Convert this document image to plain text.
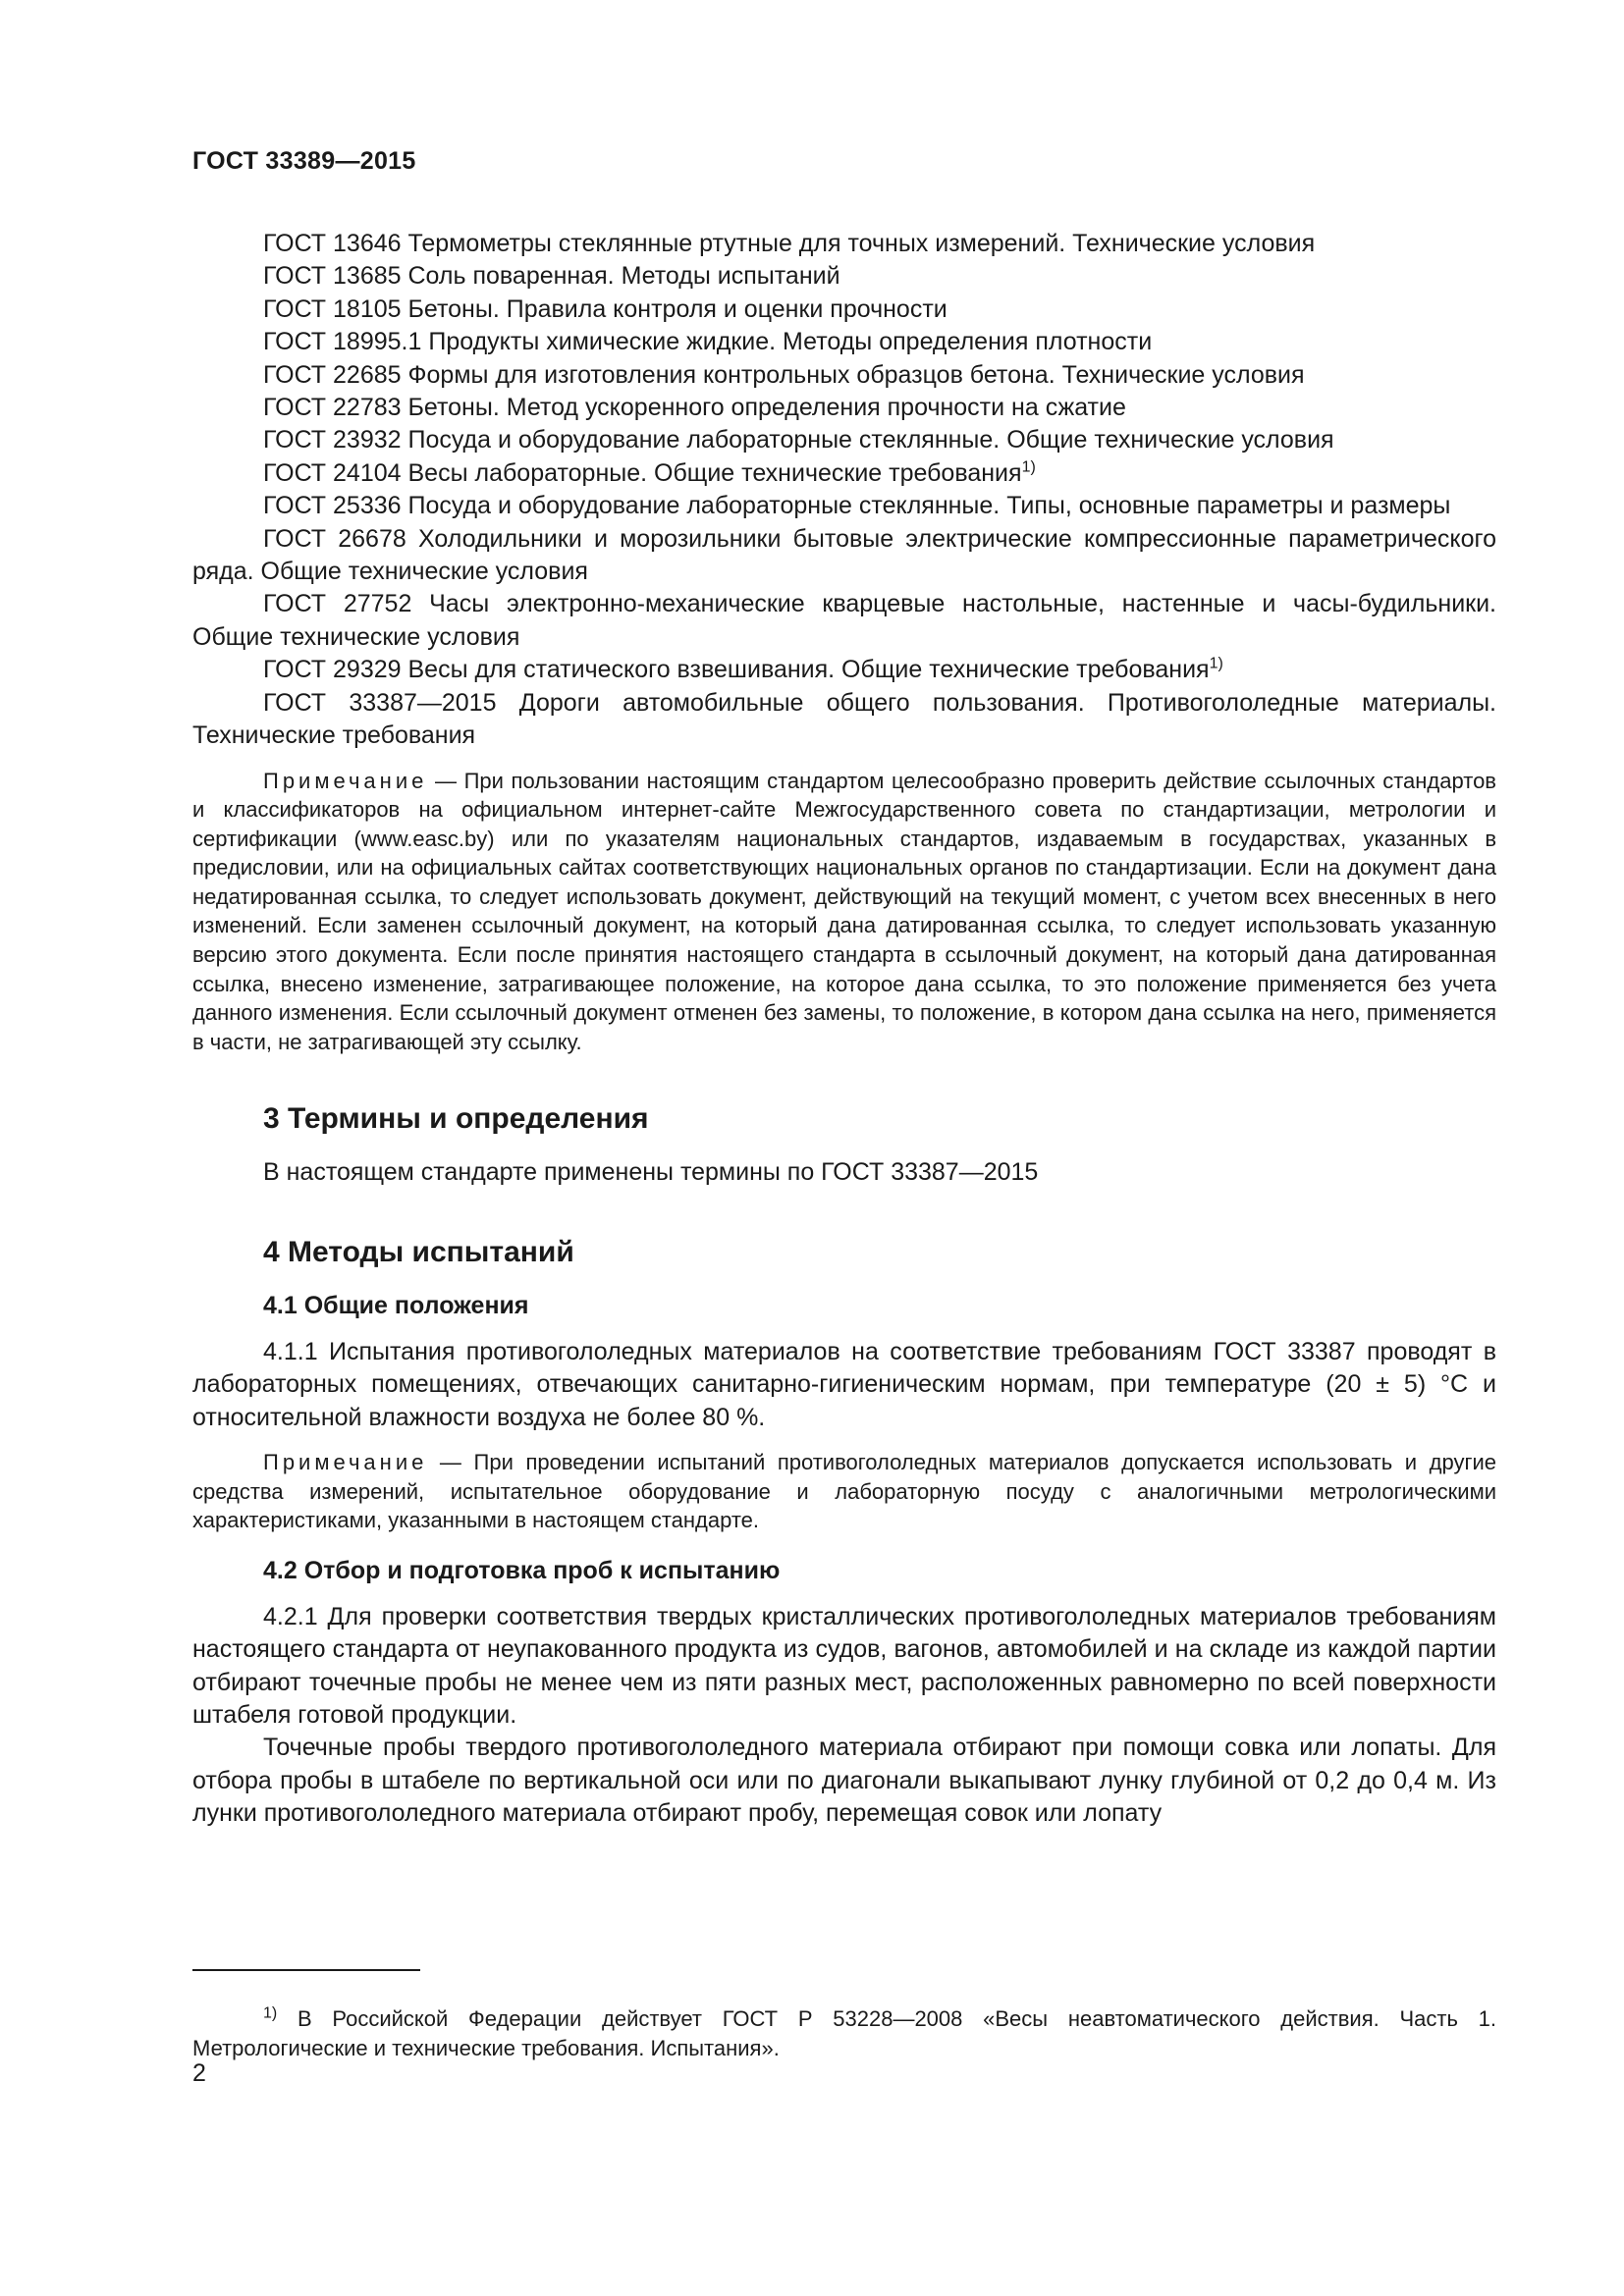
ГОСТ 33389—2015

ГОСТ 13646 Термометры стеклянные ртутные для точных измерений. Технические условия

ГОСТ 13685 Соль поваренная. Методы испытаний

ГОСТ 18105 Бетоны. Правила контроля и оценки прочности

ГОСТ 18995.1 Продукты химические жидкие. Методы определения плотности

ГОСТ 22685 Формы для изготовления контрольных образцов бетона. Технические условия

ГОСТ 22783 Бетоны. Метод ускоренного определения прочности на сжатие

ГОСТ 23932 Посуда и оборудование лабораторные стеклянные. Общие технические условия

ГОСТ 24104 Весы лабораторные. Общие технические требования$^{1)}$

ГОСТ 25336 Посуда и оборудование лабораторные стеклянные. Типы, основные параметры и размеры

ГОСТ 26678 Холодильники и морозильники бытовые электрические компрессионные параметрического ряда. Общие технические условия

ГОСТ 27752 Часы электронно-механические кварцевые настольные, настенные и часы-будильники. Общие технические условия

ГОСТ 29329 Весы для статического взвешивания. Общие технические требования$^{1)}$

ГОСТ 33387—2015 Дороги автомобильные общего пользования. Противогололедные материалы. Технические требования

Примечание — При пользовании настоящим стандартом целесообразно проверить действие ссылочных стандартов и классификаторов на официальном интернет-сайте Межгосударственного совета по стандартизации, метрологии и сертификации (www.easc.by) или по указателям национальных стандартов, издаваемым в государствах, указанных в предисловии, или на официальных сайтах соответствующих национальных органов по стандартизации. Если на документ дана недатированная ссылка, то следует использовать документ, действующий на текущий момент, с учетом всех внесенных в него изменений. Если заменен ссылочный документ, на который дана датированная ссылка, то следует использовать указанную версию этого документа. Если после принятия настоящего стандарта в ссылочный документ, на который дана датированная ссылка, внесено изменение, затрагивающее положение, на которое дана ссылка, то это положение применяется без учета данного изменения. Если ссылочный документ отменен без замены, то положение, в котором дана ссылка на него, применяется в части, не затрагивающей эту ссылку.

3 Термины и определения

В настоящем стандарте применены термины по ГОСТ 33387—2015

4 Методы испытаний
4.1 Общие положения

4.1.1 Испытания противогололедных материалов на соответствие требованиям ГОСТ 33387 проводят в лабораторных помещениях, отвечающих санитарно-гигиеническим нормам, при температуре (20 ± 5) °С и относительной влажности воздуха не более 80 %.

Примечание — При проведении испытаний противогололедных материалов допускается использовать и другие средства измерений, испытательное оборудование и лабораторную посуду с аналогичными метрологическими характеристиками, указанными в настоящем стандарте.

4.2 Отбор и подготовка проб к испытанию

4.2.1 Для проверки соответствия твердых кристаллических противогололедных материалов требованиям настоящего стандарта от неупакованного продукта из судов, вагонов, автомобилей и на складе из каждой партии отбирают точечные пробы не менее чем из пяти разных мест, расположенных равномерно по всей поверхности штабеля готовой продукции.

Точечные пробы твердого противогололедного материала отбирают при помощи совка или лопаты. Для отбора пробы в штабеле по вертикальной оси или по диагонали выкапывают лунку глубиной от 0,2 до 0,4 м. Из лунки противогололедного материала отбирают пробу, перемещая совок или лопату

$^{1)}$ В Российской Федерации действует ГОСТ Р 53228—2008 «Весы неавтоматического действия. Часть 1. Метрологические и технические требования. Испытания».

2
